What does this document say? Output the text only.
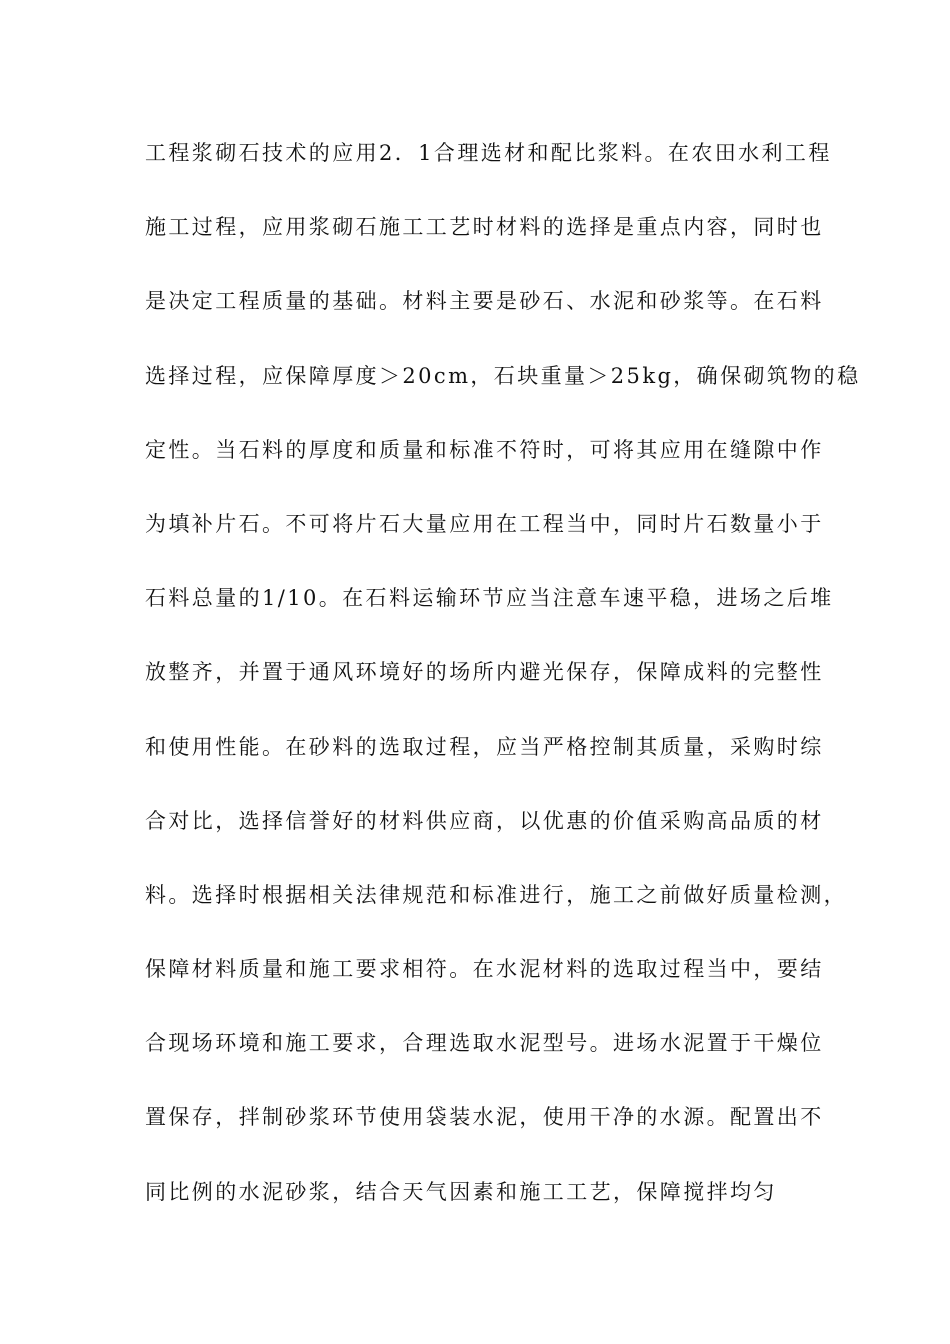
工程浆砌石技术的应用2．1合理选材和配比浆料。在农田水利工程
施工过程，应用浆砌石施工工艺时材料的选择是重点内容，同时也
是决定工程质量的基础。材料主要是砂石、水泥和砂浆等。在石料
选择过程，应保障厚度＞20cm，石块重量＞25kg，确保砌筑物的稳
定性。当石料的厚度和质量和标准不符时，可将其应用在缝隙中作
为填补片石。不可将片石大量应用在工程当中，同时片石数量小于
石料总量的1/10。在石料运输环节应当注意车速平稳，进场之后堆
放整齐，并置于通风环境好的场所内避光保存，保障成料的完整性
和使用性能。在砂料的选取过程，应当严格控制其质量，采购时综
合对比，选择信誉好的材料供应商，以优惠的价值采购高品质的材
料。选择时根据相关法律规范和标准进行，施工之前做好质量检测，
保障材料质量和施工要求相符。在水泥材料的选取过程当中，要结
合现场环境和施工要求，合理选取水泥型号。进场水泥置于干燥位
置保存，拌制砂浆环节使用袋装水泥，使用干净的水源。配置出不
同比例的水泥砂浆，结合天气因素和施工工艺，保障搅拌均匀
